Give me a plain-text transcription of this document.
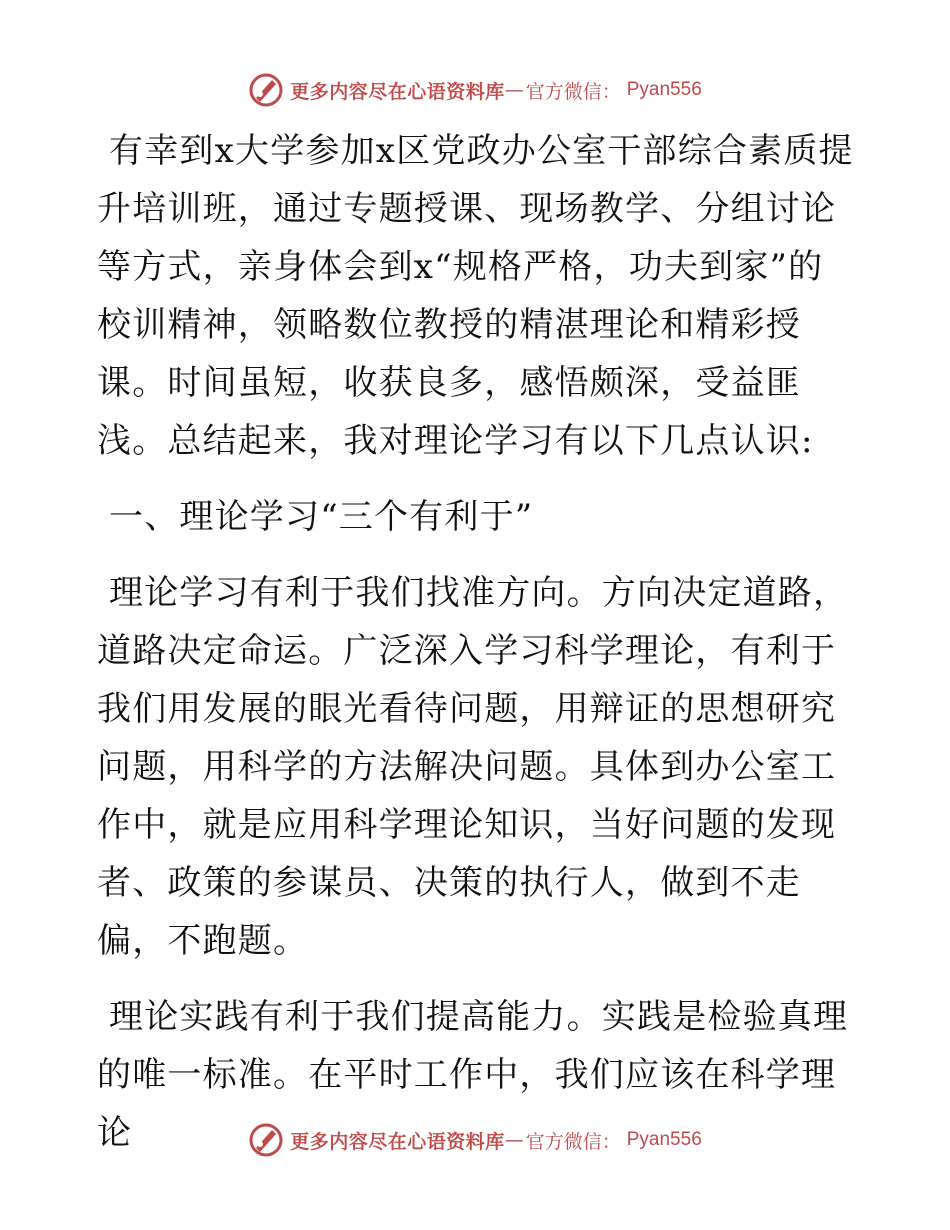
更多内容尽在心语资料库 — 官方微信： Pyan556

有幸到x大学参加x区党政办公室干部综合素质提升培训班，通过专题授课、现场教学、分组讨论等方式，亲身体会到x“规格严格，功夫到家”的校训精神，领略数位教授的精湛理论和精彩授课。时间虽短，收获良多，感悟颇深，受益匪浅。总结起来，我对理论学习有以下几点认识:

一、理论学习“三个有利于”

理论学习有利于我们找准方向。方向决定道路，道路决定命运。广泛深入学习科学理论，有利于我们用发展的眼光看待问题，用辩证的思想研究问题，用科学的方法解决问题。具体到办公室工作中，就是应用科学理论知识，当好问题的发现者、政策的参谋员、决策的执行人，做到不走偏，不跑题。

理论实践有利于我们提高能力。实践是检验真理的唯一标准。在平时工作中，我们应该在科学理论	更多内容尽在心语资料库 — 官方微信： Pyan556
